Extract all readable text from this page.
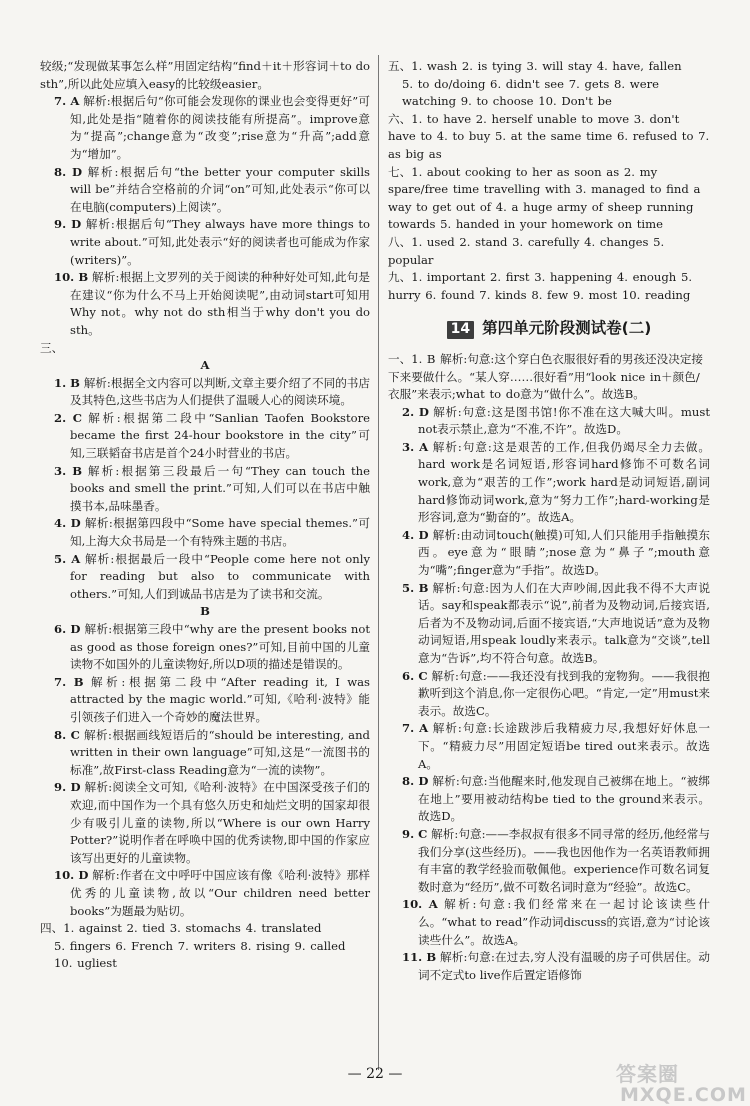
较级;“发现做某事怎么样”用固定结构“find＋it＋形容词＋to do sth”,所以此处应填入easy的比较级easier。

7. A 解析:根据后句“你可能会发现你的课业也会变得更好”可知,此处是指“随着你的阅读技能有所提高”。improve意为“提高”;change意为“改变”;rise意为“升高”;add意为“增加”。

8. D 解析:根据后句“the better your computer skills will be”并结合空格前的介词“on”可知,此处表示“你可以在电脑(computers)上阅读”。

9. D 解析:根据后句“They always have more things to write about.”可知,此处表示“好的阅读者也可能成为作家(writers)”。

10. B 解析:根据上文罗列的关于阅读的种种好处可知,此句是在建议“你为什么不马上开始阅读呢”,由动词start可知用Why not。why not do sth相当于why don't you do sth。

三、

A

1. B 解析:根据全文内容可以判断,文章主要介绍了不同的书店及其特色,这些书店为人们提供了温暖人心的阅读环境。

2. C 解析:根据第二段中“Sanlian Taofen Bookstore became the first 24-hour bookstore in the city”可知,三联韬奋书店是首个24小时营业的书店。

3. B 解析:根据第三段最后一句“They can touch the books and smell the print.”可知,人们可以在书店中触摸书本,品味墨香。

4. D 解析:根据第四段中“Some have special themes.”可知,上海大众书局是一个有特殊主题的书店。

5. A 解析:根据最后一段中“People come here not only for reading but also to communicate with others.”可知,人们到诚品书店是为了读书和交流。

B

6. D 解析:根据第三段中“why are the present books not as good as those foreign ones?”可知,目前中国的儿童读物不如国外的儿童读物好,所以D项的描述是错误的。

7. B 解析:根据第二段中“After reading it, I was attracted by the magic world.”可知,《哈利·波特》能引领孩子们进入一个奇妙的魔法世界。

8. C 解析:根据画线短语后的“should be interesting, and written in their own language”可知,这是“一流图书的标准”,故First-class Reading意为“一流的读物”。

9. D 解析:阅读全文可知,《哈利·波特》在中国深受孩子们的欢迎,而中国作为一个具有悠久历史和灿烂文明的国家却很少有吸引儿童的读物,所以“Where is our own Harry Potter?”说明作者在呼唤中国的优秀读物,即中国的作家应该写出更好的儿童读物。

10. D 解析:作者在文中呼吁中国应该有像《哈利·波特》那样优秀的儿童读物,故以“Our children need better books”为题最为贴切。

四、1. against 2. tied 3. stomachs 4. translated

5. fingers 6. French 7. writers 8. rising 9. called

10. ugliest

五、1. wash 2. is tying 3. will stay 4. have, fallen

5. to do/doing 6. didn't see 7. gets 8. were watching 9. to choose 10. Don't be

六、1. to have 2. herself unable to move 3. don't have to 4. to buy 5. at the same time 6. refused to 7. as big as

七、1. about cooking to her as soon as 2. my spare/free time travelling with 3. managed to find a way to get out of 4. a huge army of sheep running towards 5. handed in your homework on time

八、1. used 2. stand 3. carefully 4. changes 5. popular

九、1. important 2. first 3. happening 4. enough 5. hurry 6. found 7. kinds 8. few 9. most 10. reading

14 第四单元阶段测试卷(二)

一、1. B 解析:句意:这个穿白色衣服很好看的男孩还没决定接下来要做什么。“某人穿……很好看”用“look nice in＋颜色/衣服”来表示;what to do意为“做什么”。故选B。

2. D 解析:句意:这是图书馆!你不准在这大喊大叫。must not表示禁止,意为“不准,不许”。故选D。

3. A 解析:句意:这是艰苦的工作,但我仍竭尽全力去做。hard work是名词短语,形容词hard修饰不可数名词work,意为“艰苦的工作”;work hard是动词短语,副词hard修饰动词work,意为“努力工作”;hard-working是形容词,意为“勤奋的”。故选A。

4. D 解析:由动词touch(触摸)可知,人们只能用手指触摸东西。eye意为“眼睛”;nose意为“鼻子”;mouth意为“嘴”;finger意为“手指”。故选D。

5. B 解析:句意:因为人们在大声吵闹,因此我不得不大声说话。say和speak都表示“说”,前者为及物动词,后接宾语,后者为不及物动词,后面不接宾语,“大声地说话”意为及物动词短语,用speak loudly来表示。talk意为“交谈”,tell意为“告诉”,均不符合句意。故选B。

6. C 解析:句意:——我还没有找到我的宠物狗。——我很抱歉听到这个消息,你一定很伤心吧。“肯定,一定”用must来表示。故选C。

7. A 解析:句意:长途跋涉后我精疲力尽,我想好好休息一下。“精疲力尽”用固定短语be tired out来表示。故选A。

8. D 解析:句意:当他醒来时,他发现自己被绑在地上。“被绑在地上”要用被动结构be tied to the ground来表示。故选D。

9. C 解析:句意:——李叔叔有很多不同寻常的经历,他经常与我们分享(这些经历)。——我也因他作为一名英语教师拥有丰富的教学经验而敬佩他。experience作可数名词复数时意为“经历”,做不可数名词时意为“经验”。故选C。

10. A 解析:句意:我们经常来在一起讨论该读些什么。“what to read”作动词discuss的宾语,意为“讨论该读些什么”。故选A。

11. B 解析:句意:在过去,穷人没有温暖的房子可供居住。动词不定式to live作后置定语修饰

— 22 —	答案圈
MXQE.COM
